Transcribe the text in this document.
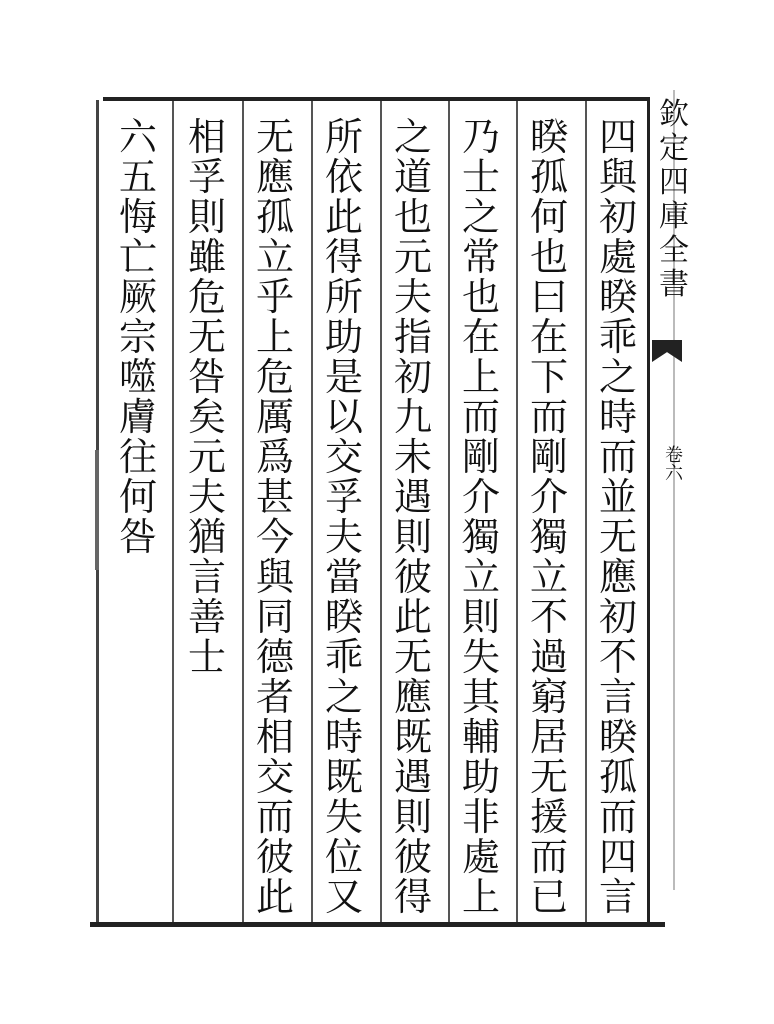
欽
定
四
庫
全
書
卷六
四
與
初
處
睽
乖
之
時
而
並
无
應
初
不
言
睽
孤
而
四
言
睽
孤
何
也
曰
在
下
而
剛
介
獨
立
不
過
窮
居
无
援
而
已
乃
士
之
常
也
在
上
而
剛
介
獨
立
則
失
其
輔
助
非
處
上
之
道
也
元
夫
指
初
九
未
遇
則
彼
此
无
應
既
遇
則
彼
得
所
依
此
得
所
助
是
以
交
孚
夫
當
睽
乖
之
時
既
失
位
又
无
應
孤
立
乎
上
危
厲
爲
甚
今
與
同
德
者
相
交
而
彼
此
相
孚
則
雖
危
无
咎
矣
元
夫
猶
言
善
士
六
五
悔
亡
厥
宗
噬
膚
往
何
咎
